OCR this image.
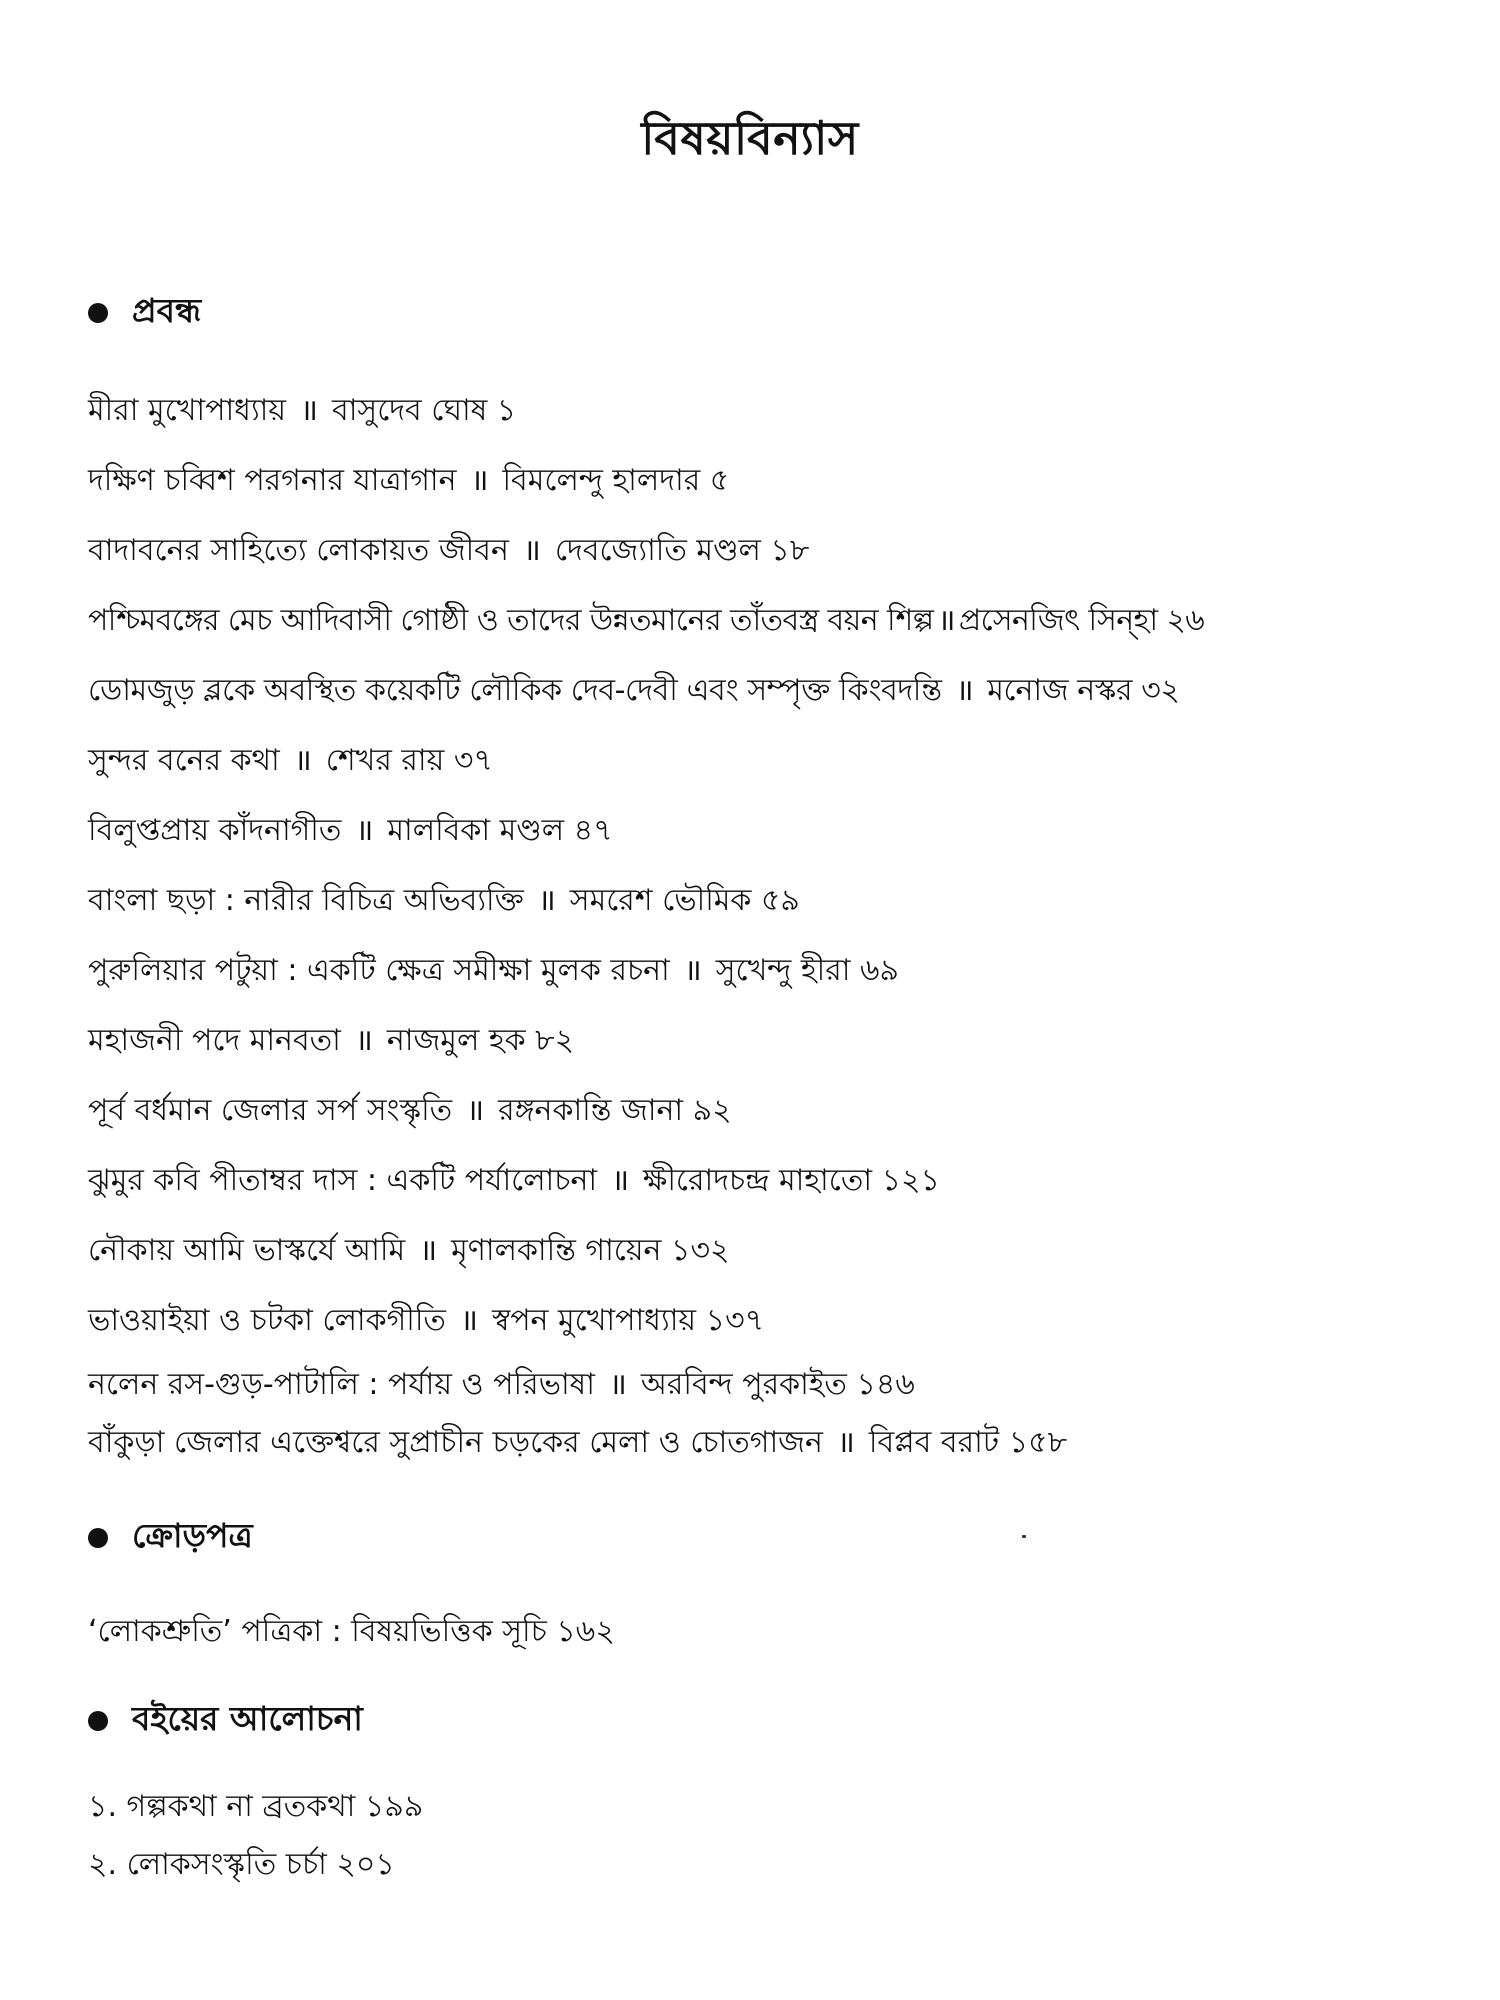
বিষয়বিন্যাস
প্রবন্ধ
মীরা মুখোপাধ্যায় ॥ বাসুদেব ঘোষ ১
দক্ষিণ চব্বিশ পরগনার যাত্রাগান ॥ বিমলেন্দু হালদার ৫
বাদাবনের সাহিত্যে লোকায়ত জীবন ॥ দেবজ্যোতি মণ্ডল ১৮
পশ্চিমবঙ্গের মেচ আদিবাসী গোষ্ঠী ও তাদের উন্নতমানের তাঁতবস্ত্র বয়ন শিল্প ॥ প্রসেনজিৎ সিন্‌হা ২৬
ডোমজুড় ব্লকে অবস্থিত কয়েকটি লৌকিক দেব-দেবী এবং সম্পৃক্ত কিংবদন্তি ॥ মনোজ নস্কর ৩২
সুন্দর বনের কথা ॥ শেখর রায় ৩৭
বিলুপ্তপ্রায় কাঁদনাগীত ॥ মালবিকা মণ্ডল ৪৭
বাংলা ছড়া : নারীর বিচিত্র অভিব্যক্তি ॥ সমরেশ ভৌমিক ৫৯
পুরুলিয়ার পটুয়া : একটি ক্ষেত্র সমীক্ষা মুলক রচনা ॥ সুখেন্দু হীরা ৬৯
মহাজনী পদে মানবতা ॥ নাজমুল হক ৮২
পূর্ব বর্ধমান জেলার সর্প সংস্কৃতি ॥ রঙ্গনকান্তি জানা ৯২
ঝুমুর কবি পীতাম্বর দাস : একটি পর্যালোচনা ॥ ক্ষীরোদচন্দ্র মাহাতো ১২১
নৌকায় আমি ভাস্কর্যে আমি ॥ মৃণালকান্তি গায়েন ১৩২
ভাওয়াইয়া ও চটকা লোকগীতি ॥ স্বপন মুখোপাধ্যায় ১৩৭
নলেন রস-গুড়-পাটালি : পর্যায় ও পরিভাষা ॥ অরবিন্দ পুরকাইত ১৪৬
বাঁকুড়া জেলার এক্তেশ্বরে সুপ্রাচীন চড়কের মেলা ও চোতগাজন ॥ বিপ্লব বরাট ১৫৮
ক্রোড়পত্র
‘লোকশ্রুতি’ পত্রিকা : বিষয়ভিত্তিক সূচি ১৬২
বইয়ের আলোচনা
১. গল্পকথা না ব্রতকথা ১৯৯
২. লোকসংস্কৃতি চর্চা ২০১
